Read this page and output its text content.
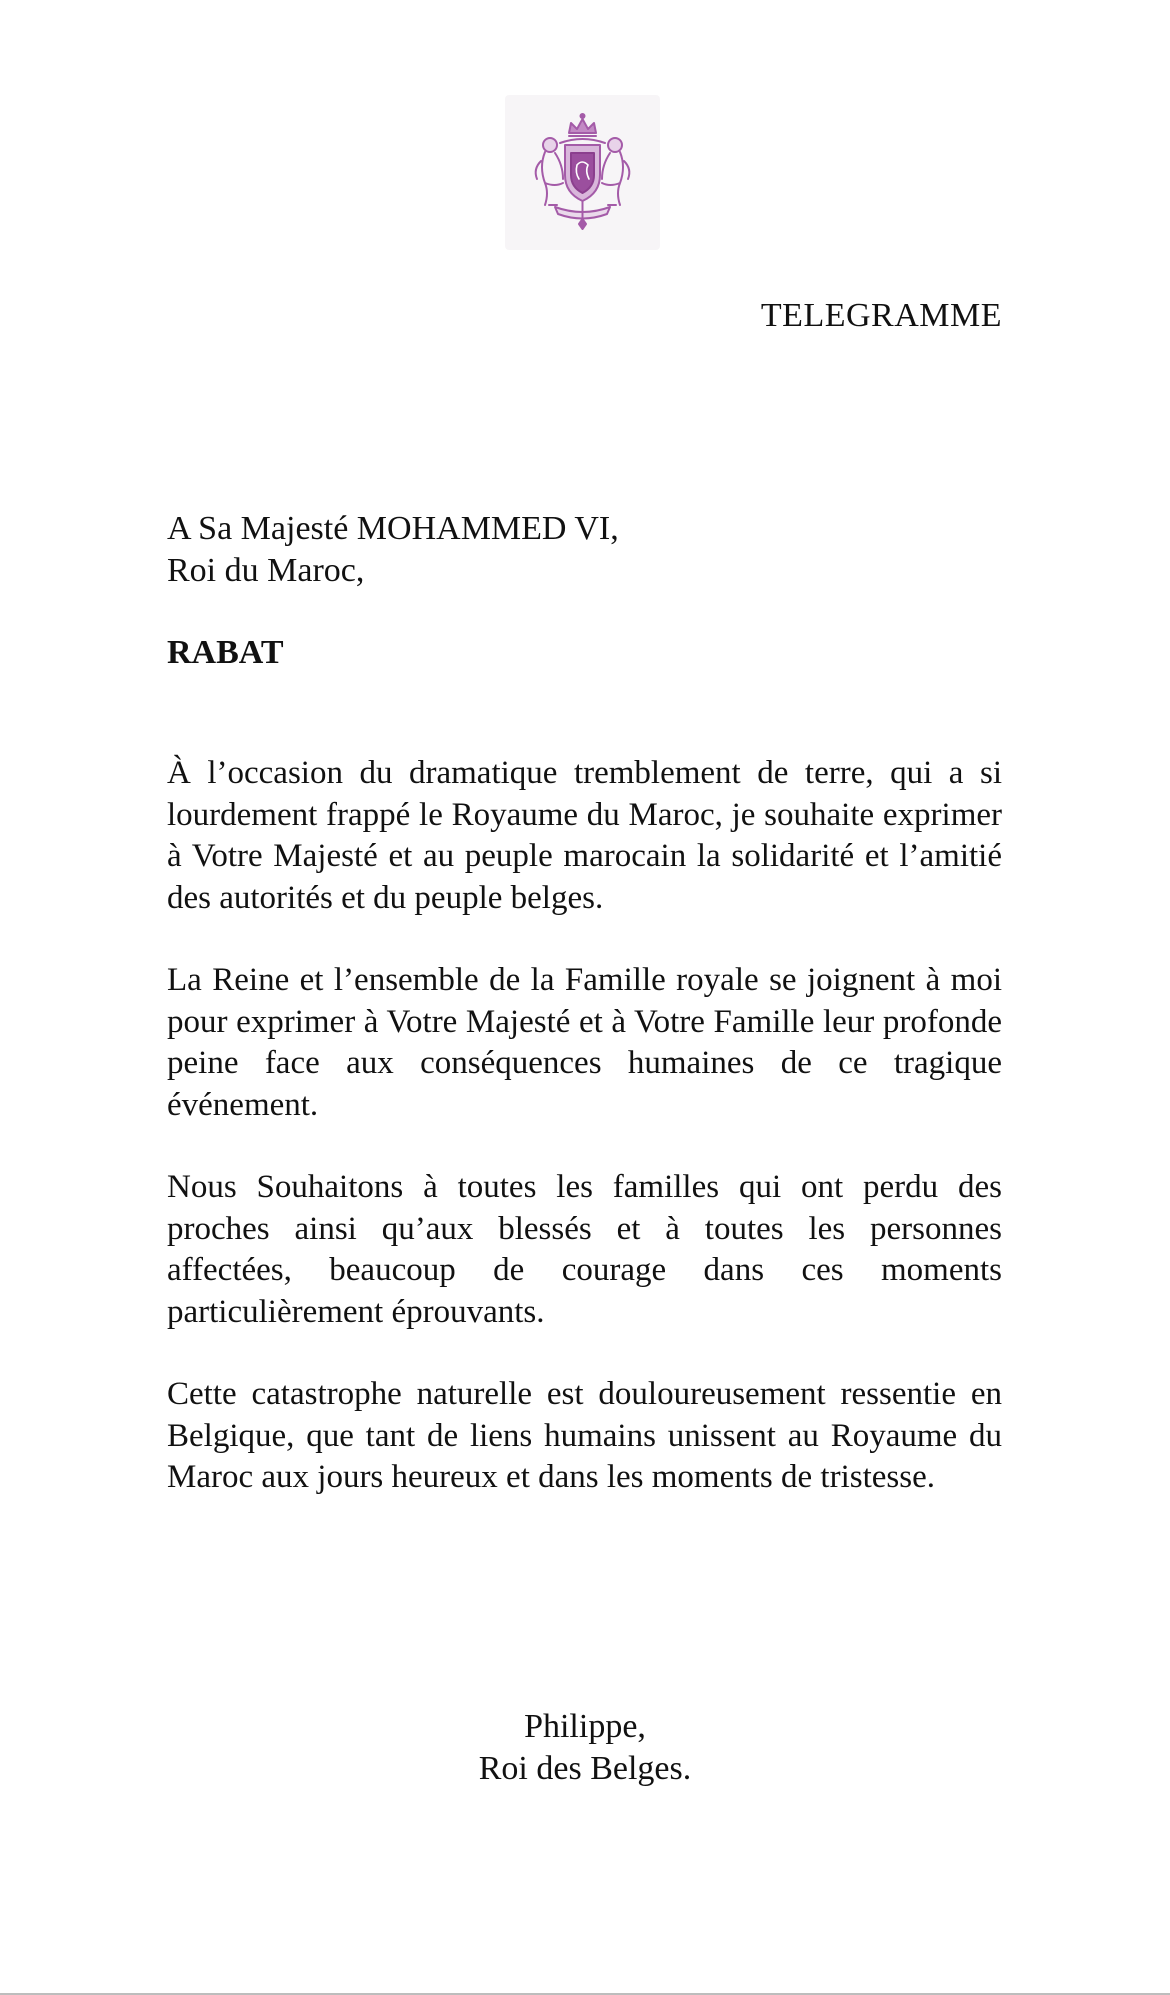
TELEGRAMME
A Sa Majesté MOHAMMED VI,
Roi du Maroc,
RABAT

À l’occasion du dramatique tremblement de terre, qui a si lourdement frappé le Royaume du Maroc, je souhaite exprimer à Votre Majesté et au peuple marocain la solidarité et l’amitié des autorités et du peuple belges.

La Reine et l’ensemble de la Famille royale se joignent à moi pour exprimer à Votre Majesté et à Votre Famille leur profonde peine face aux conséquences humaines de ce tragique événement.

Nous Souhaitons à toutes les familles qui ont perdu des proches ainsi qu’aux blessés et à toutes les personnes affectées, beaucoup de courage dans ces moments particulièrement éprouvants.

Cette catastrophe naturelle est douloureusement ressentie en Belgique, que tant de liens humains unissent au Royaume du Maroc aux jours heureux et dans les moments de tristesse.

Philippe,
Roi des Belges.
